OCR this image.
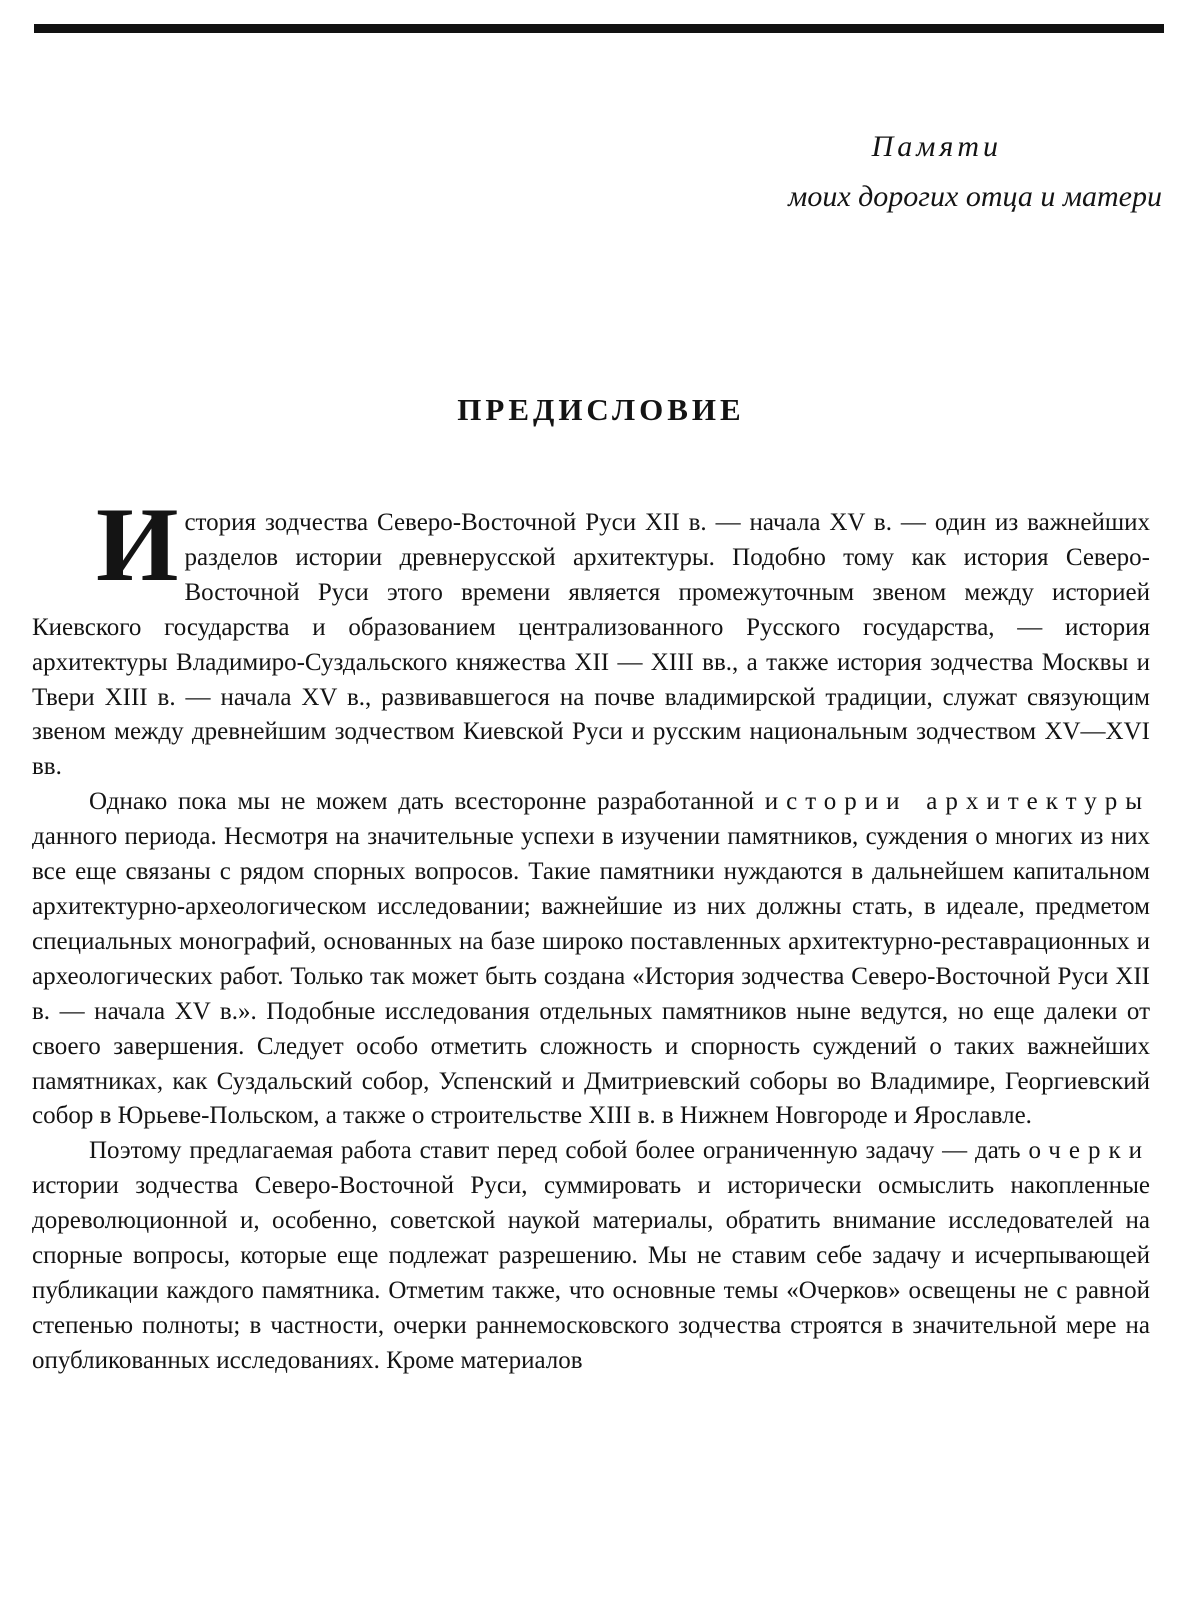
Памяти
моих дорогих отца и матери
ПРЕДИСЛОВИЕ

История зодчества Северо-Восточной Руси XII в. — начала XV в. — один из важнейших разделов истории древнерусской архитектуры. Подобно тому как история Северо-Восточной Руси этого времени является промежуточным звеном между историей Киевского государства и образованием централизованного Русского государства, — история архитектуры Владимиро-Суздальского княжества XII — XIII вв., а также история зодчества Москвы и Твери XIII в. — начала XV в., развивавшегося на почве владимирской традиции, служат связующим звеном между древнейшим зодчеством Киевской Руси и русским национальным зодчеством XV—XVI вв.

Однако пока мы не можем дать всесторонне разработанной истории архитектуры данного периода. Несмотря на значительные успехи в изучении памятников, суждения о многих из них все еще связаны с рядом спорных вопросов. Такие памятники нуждаются в дальнейшем капитальном архитектурно-археологическом исследовании; важнейшие из них должны стать, в идеале, предметом специальных монографий, основанных на базе широко поставленных архитектурно-реставрационных и археологических работ. Только так может быть создана «История зодчества Северо-Восточной Руси XII в. — начала XV в.». Подобные исследования отдельных памятников ныне ведутся, но еще далеки от своего завершения. Следует особо отметить сложность и спорность суждений о таких важнейших памятниках, как Суздальский собор, Успенский и Дмитриевский соборы во Владимире, Георгиевский собор в Юрьеве-Польском, а также о строительстве XIII в. в Нижнем Новгороде и Ярославле.

Поэтому предлагаемая работа ставит перед собой более ограниченную задачу — дать очерки истории зодчества Северо-Восточной Руси, суммировать и исторически осмыслить накопленные дореволюционной и, особенно, советской наукой материалы, обратить внимание исследователей на спорные вопросы, которые еще подлежат разрешению. Мы не ставим себе задачу и исчерпывающей публикации каждого памятника. Отметим также, что основные темы «Очерков» освещены не с равной степенью полноты; в частности, очерки раннемосковского зодчества строятся в значительной мере на опубликованных исследованиях. Кроме материалов
